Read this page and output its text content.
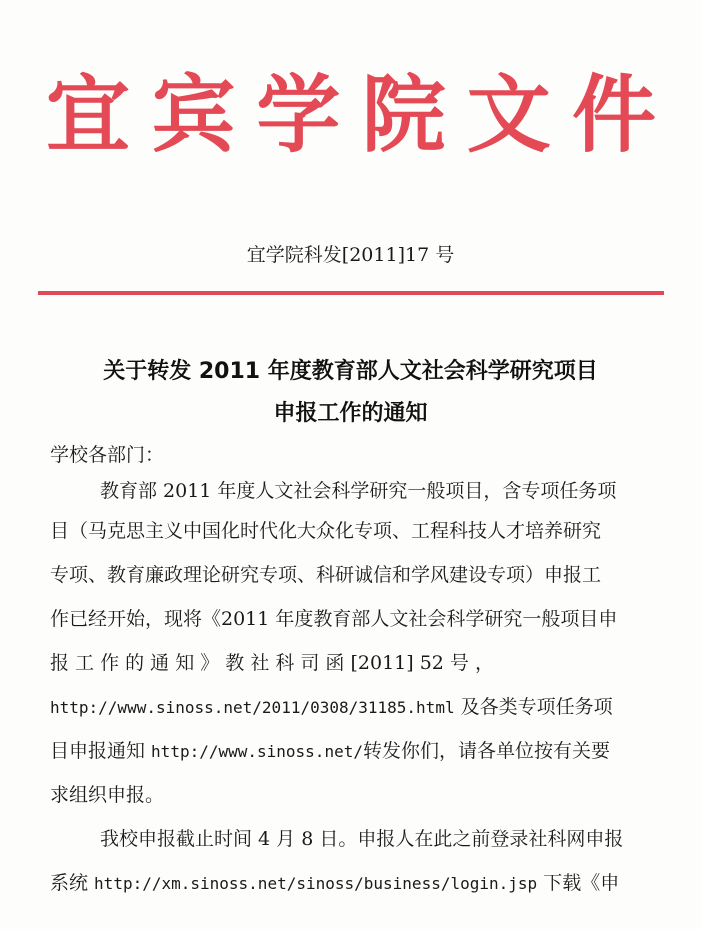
宜 宾 学 院 文 件
宜学院科发[2011]17 号
关于转发 2011 年度教育部人文社会科学研究项目
申报工作的通知
学校各部门：
教育部 2011 年度人文社会科学研究一般项目，含专项任务项
目（马克思主义中国化时代化大众化专项、工程科技人才培养研究
专项、教育廉政理论研究专项、科研诚信和学风建设专项）申报工
作已经开始，现将《2011 年度教育部人文社会科学研究一般项目申
报 工 作 的 通 知 》 教 社 科 司 函 [2011] 52 号 ，
http://www.sinoss.net/2011/0308/31185.html 及各类专项任务项
目申报通知 http://www.sinoss.net/转发你们，请各单位按有关要
求组织申报。
我校申报截止时间 4 月 8 日。申报人在此之前登录社科网申报
系统 http://xm.sinoss.net/sinoss/business/login.jsp 下载《申
